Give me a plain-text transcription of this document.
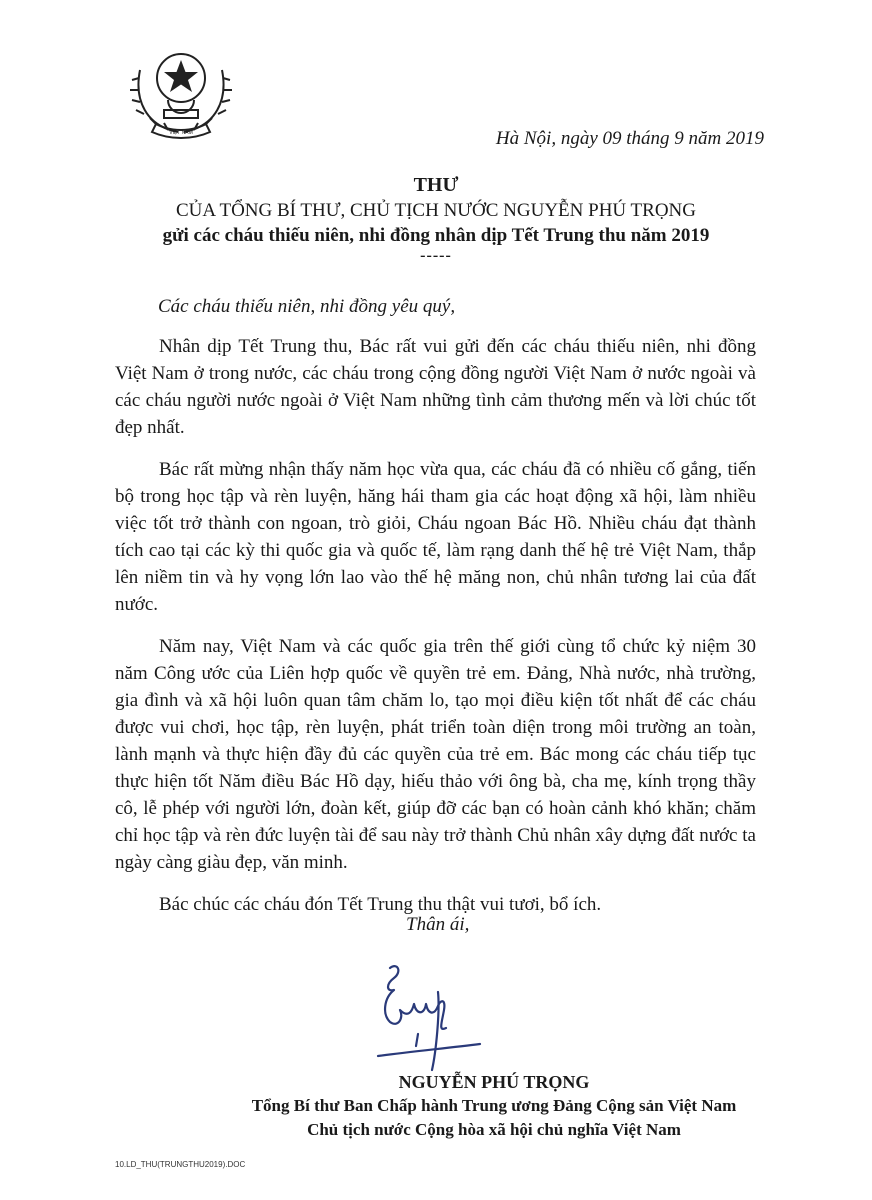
VIỆT NAM	Hà Nội, ngày 09 tháng 9 năm 2019
THƯ
CỦA TỔNG BÍ THƯ, CHỦ TỊCH NƯỚC NGUYỄN PHÚ TRỌNG
gửi các cháu thiếu niên, nhi đồng nhân dịp Tết Trung thu năm 2019
-----
Các cháu thiếu niên, nhi đồng yêu quý,

Nhân dịp Tết Trung thu, Bác rất vui gửi đến các cháu thiếu niên, nhi đồng Việt Nam ở trong nước, các cháu trong cộng đồng người Việt Nam ở nước ngoài và các cháu người nước ngoài ở Việt Nam những tình cảm thương mến và lời chúc tốt đẹp nhất.

Bác rất mừng nhận thấy năm học vừa qua, các cháu đã có nhiều cố gắng, tiến bộ trong học tập và rèn luyện, hăng hái tham gia các hoạt động xã hội, làm nhiều việc tốt trở thành con ngoan, trò giỏi, Cháu ngoan Bác Hồ. Nhiều cháu đạt thành tích cao tại các kỳ thi quốc gia và quốc tế, làm rạng danh thế hệ trẻ Việt Nam, thắp lên niềm tin và hy vọng lớn lao vào thế hệ măng non, chủ nhân tương lai của đất nước.

Năm nay, Việt Nam và các quốc gia trên thế giới cùng tổ chức kỷ niệm 30 năm Công ước của Liên hợp quốc về quyền trẻ em. Đảng, Nhà nước, nhà trường, gia đình và xã hội luôn quan tâm chăm lo, tạo mọi điều kiện tốt nhất để các cháu được vui chơi, học tập, rèn luyện, phát triển toàn diện trong môi trường an toàn, lành mạnh và thực hiện đầy đủ các quyền của trẻ em. Bác mong các cháu tiếp tục thực hiện tốt Năm điều Bác Hồ dạy, hiếu thảo với ông bà, cha mẹ, kính trọng thầy cô, lễ phép với người lớn, đoàn kết, giúp đỡ các bạn có hoàn cảnh khó khăn; chăm chỉ học tập và rèn đức luyện tài để sau này trở thành Chủ nhân xây dựng đất nước ta ngày càng giàu đẹp, văn minh.

Bác chúc các cháu đón Tết Trung thu thật vui tươi, bổ ích.

Thân ái,
NGUYỄN PHÚ TRỌNG
Tổng Bí thư Ban Chấp hành Trung ương Đảng Cộng sản Việt Nam
Chủ tịch nước Cộng hòa xã hội chủ nghĩa Việt Nam
10.LD_THU(TRUNGTHU2019).DOC
